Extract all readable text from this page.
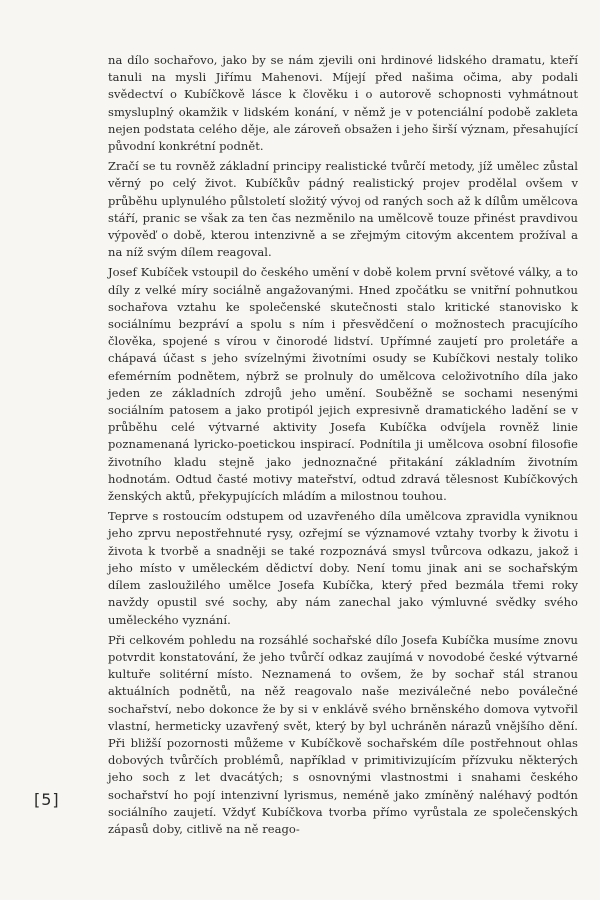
na dílo sochařovo, jako by se nám zjevili oni hrdinové lidského dramatu, kteří tanuli na mysli Jiřímu Mahenovi. Míjejí před našima očima, aby podali svědectví o Kubíčkově lásce k člověku i o autorově schopnosti vyhmátnout smysluplný okamžik v lidském konání, v němž je v potenciální podobě zakleta nejen podstata celého děje, ale zároveň obsažen i jeho širší význam, přesahující původní konkrétní podnět.

Zračí se tu rovněž základní principy realistické tvůrčí metody, jíž umělec zůstal věrný po celý život. Kubíčkův pádný realistický projev prodělal ovšem v průběhu uplynulého půlstoletí složitý vývoj od raných soch až k dílům umělcova stáří, pranic se však za ten čas nezměnilo na umělcově touze přinést pravdivou výpověď o době, kterou intenzivně a se zřejmým citovým akcentem prožíval a na níž svým dílem reagoval.

Josef Kubíček vstoupil do českého umění v době kolem první světové války, a to díly z velké míry sociálně angažovanými. Hned zpočátku se vnitřní pohnutkou sochařova vztahu ke společenské skutečnosti stalo kritické stanovisko k sociálnímu bezpráví a spolu s ním i přesvědčení o možnostech pracujícího člověka, spojené s vírou v činorodé lidství. Upřímné zaujetí pro proletáře a chápavá účast s jeho svízelnými životními osudy se Kubíčkovi nestaly toliko efemérním podnětem, nýbrž se prolnuly do umělcova celoživotního díla jako jeden ze základních zdrojů jeho umění. Souběžně se sochami nesenými sociálním patosem a jako protipól jejich expresivně dramatického ladění se v průběhu celé výtvarné aktivity Josefa Kubíčka odvíjela rovněž linie poznamenaná lyricko-poetickou inspirací. Podnítila ji umělcova osobní filosofie životního kladu stejně jako jednoznačné přitakání základním životním hodnotám. Odtud časté motivy mateřství, odtud zdravá tělesnost Kubíčkových ženských aktů, překypujících mládím a milostnou touhou.

Teprve s rostoucím odstupem od uzavřeného díla umělcova zpravidla vyniknou jeho zprvu nepostřehnuté rysy, ozřejmí se významové vztahy tvorby k životu i života k tvorbě a snadněji se také rozpoznává smysl tvůrcova odkazu, jakož i jeho místo v uměleckém dědictví doby. Není tomu jinak ani se sochařským dílem zasloužilého umělce Josefa Kubíčka, který před bezmála třemi roky navždy opustil své sochy, aby nám zanechal jako výmluvné svědky svého uměleckého vyznání.

Při celkovém pohledu na rozsáhlé sochařské dílo Josefa Kubíčka musíme znovu potvrdit konstatování, že jeho tvůrčí odkaz zaujímá v novodobé české výtvarné kultuře solitérní místo. Neznamená to ovšem, že by sochař stál stranou aktuálních podnětů, na něž reagovalo naše meziválečné nebo poválečné sochařství, nebo dokonce že by si v enklávě svého brněnského domova vytvořil vlastní, hermeticky uzavřený svět, který by byl uchráněn nárazů vnějšího dění. Při bližší pozornosti můžeme v Kubíčkově sochařském díle postřehnout ohlas dobových tvůrčích problémů, například v primitivizujícím přízvuku některých jeho soch z let dvacátých; s osnovnými vlastnostmi i snahami českého sochařství ho pojí intenzivní lyrismus, neméně jako zmíněný naléhavý podtón sociálního zaujetí. Vždyť Kubíčkova tvorba přímo vyrůstala ze společenských zápasů doby, citlivě na ně reago-

[5]
